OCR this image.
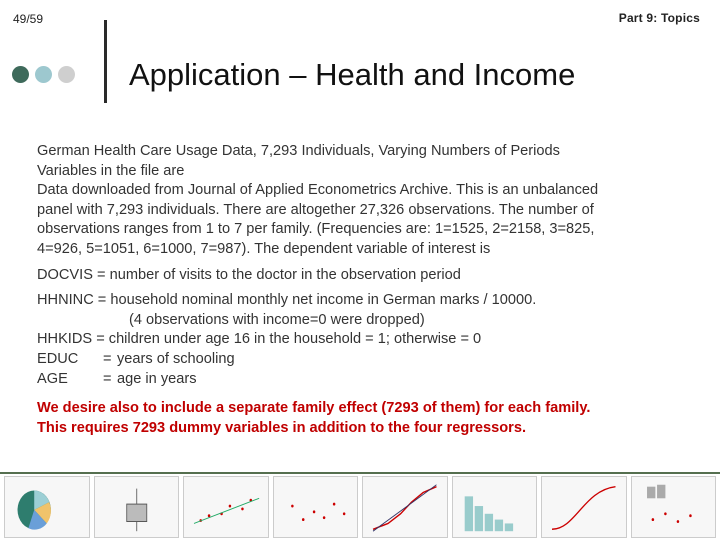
49/59	Part 9: Topics
Application – Health and Income

German Health Care Usage Data, 7,293 Individuals, Varying Numbers of Periods

Variables in the file are

Data downloaded from Journal of Applied Econometrics Archive. This is an unbalanced

panel with 7,293 individuals. There are altogether 27,326 observations. The number of

observations ranges from 1 to 7 per family. (Frequencies are: 1=1525, 2=2158, 3=825,

4=926, 5=1051, 6=1000, 7=987). The dependent variable of interest is

DOCVIS = number of visits to the doctor in the observation period

HHNINC = household nominal monthly net income in German marks / 10000.

(4 observations with income=0 were dropped)

HHKIDS = children under age 16 in the household = 1; otherwise = 0

EDUC	= years of schooling
AGE	= age in years

We desire also to include a separate family effect (7293 of them) for each family.

This requires 7293 dummy variables in addition to the four regressors.
